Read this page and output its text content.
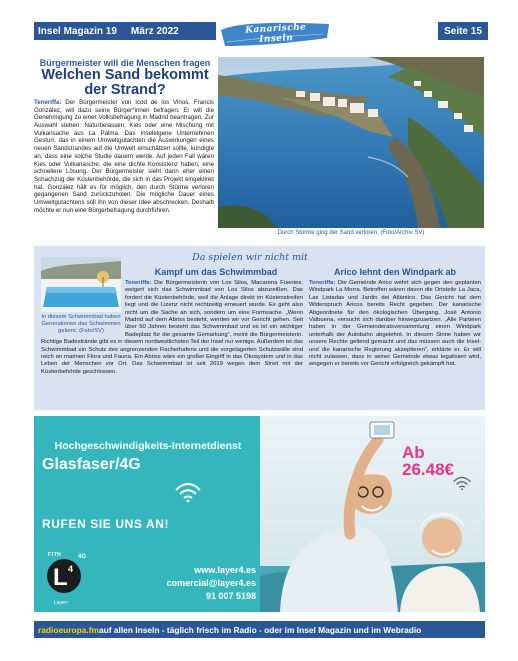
Insel Magazin 19 März 2022	Kanarische Inseln
Seite 15
Bürgermeister will die Menschen fragen
Welchen Sand bekommt der Strand?
Teneriffa: Der Bürgermeister von Icod de los Vinos, Francis González, will dazu seine Bürger*innen befragen. Er will die Genehmigung zu einer Volksbefragung in Madrid beantragen. Zur Auswahl stehen: Naturbelassen, Kies oder eine Mischung mit Vulkansache aus La Palma. Das Inselelgene Unternehmen Gesturr, das in einem Umweltgutachten die Auswirkungen eines neuen Sandstrandes auf die Umwelt einschätzen sollte, kündigte an, dass eine solche Studie dauern werde. Auf jeden Fall wären Kies oder Vulkanasche, die eine dichte Konsistenz haben, eine schnellere Lösung. Der Bürgermeister sieht darin eher einen Schachzug der Küstenbehörde, die sich in das Projekt eingeklinkt hat. González hält es für möglich, den durch Stürme verloren gegangenen Sand zurückzuholen. Die mögliche Dauer eines Umweltgutachtens soll ihn von dieser Idee abschrecken. Deshalb möchte er nun eine Bürgerbefragung durchführen.
Durch Stürme ging der Sand verloren. (Foto/Archiv SV)
Da spielen wir nicht mit
In diesem Schwimmbad haben Generationen das Schwimmen gelernt. (Foto/SV)
Kampf um das Schwimmbad
Teneriffa: Die Bürgermeisterin von Los Silos, Macarena Fuentes, weigert sich das Schwimmbad von Los Silos abzureißen. Das fordert die Küstenbehörde, weil die Anlage direkt im Küstenstreifen liegt und die Lizenz nicht rechtzeitig erneuert wurde. Es geht also nicht um die Sache an sich, sondern um eine Formsache. „Wenn Madrid auf dem Abriss besteht, werden wir vor Gericht gehen. Seit über 50 Jahren besteht das Schwimmbad und es ist ein wichtiger Badeplatz für die gesamte Gemarkung“, meint die Bürgermeisterin. Richtige Badestrände gibt es in diesem nordwestlichsten Teil der Insel nur wenige. Außerdem ist das Schwimmbad ein Schutz des angrenzenden Fischerhafens und die vorgelagerten Schutzwälle sind reich an marinen Flora und Fauna. Ein Abriss wäre ein großer Eingriff in das Ökosystem und in das Leben der Menschen vor Ort. Das Schwimmbad ist seit 2019 wegen dem Streit mit der Küstenbehörde geschlossen.
Arico lehnt den Windpark ab
Teneriffa: Die Gemeinde Arico wehrt sich gegen den geplanten Windpark La Morra. Betroffen wären davon die Ortsteile La Jaca, Las Listadas und Jardin del Atlántico. Das Gericht hat dem Widerspruch Aricos bereits Recht gegeben. Der kanarische Abgeordnete für den ökologischen Übergang, José Antonio Valbuena, versucht sich darüber hinwegzusetzen. „Alle Parteien haben in der Gemeinderatsversammlung einen Windpark unterhalb der Autobahn abgelehnt. In diesem Sinne haben wir unsere Rechte geltend gemacht und das müssen auch die Insel- und die kanarische Regierung akzeptieren“, erklärte er. Er will nicht zulassen, dass in seiner Gemeinde etwas legalisiert wird, wogegen er bereits vor Gericht erfolgreich gekämpft hat.
Hochgeschwindigkeits-Internetdienst
Glasfaser/4G
RUFEN SIE UNS AN!
FTTH	4G
L 4
Layer⁴
www.layer4.es
comercial@layer4.es
91 007 5198
Ab
26.48€
radioeuropa.fm auf allen Inseln - täglich frisch im Radio - oder im Insel Magazin und im Webradio
